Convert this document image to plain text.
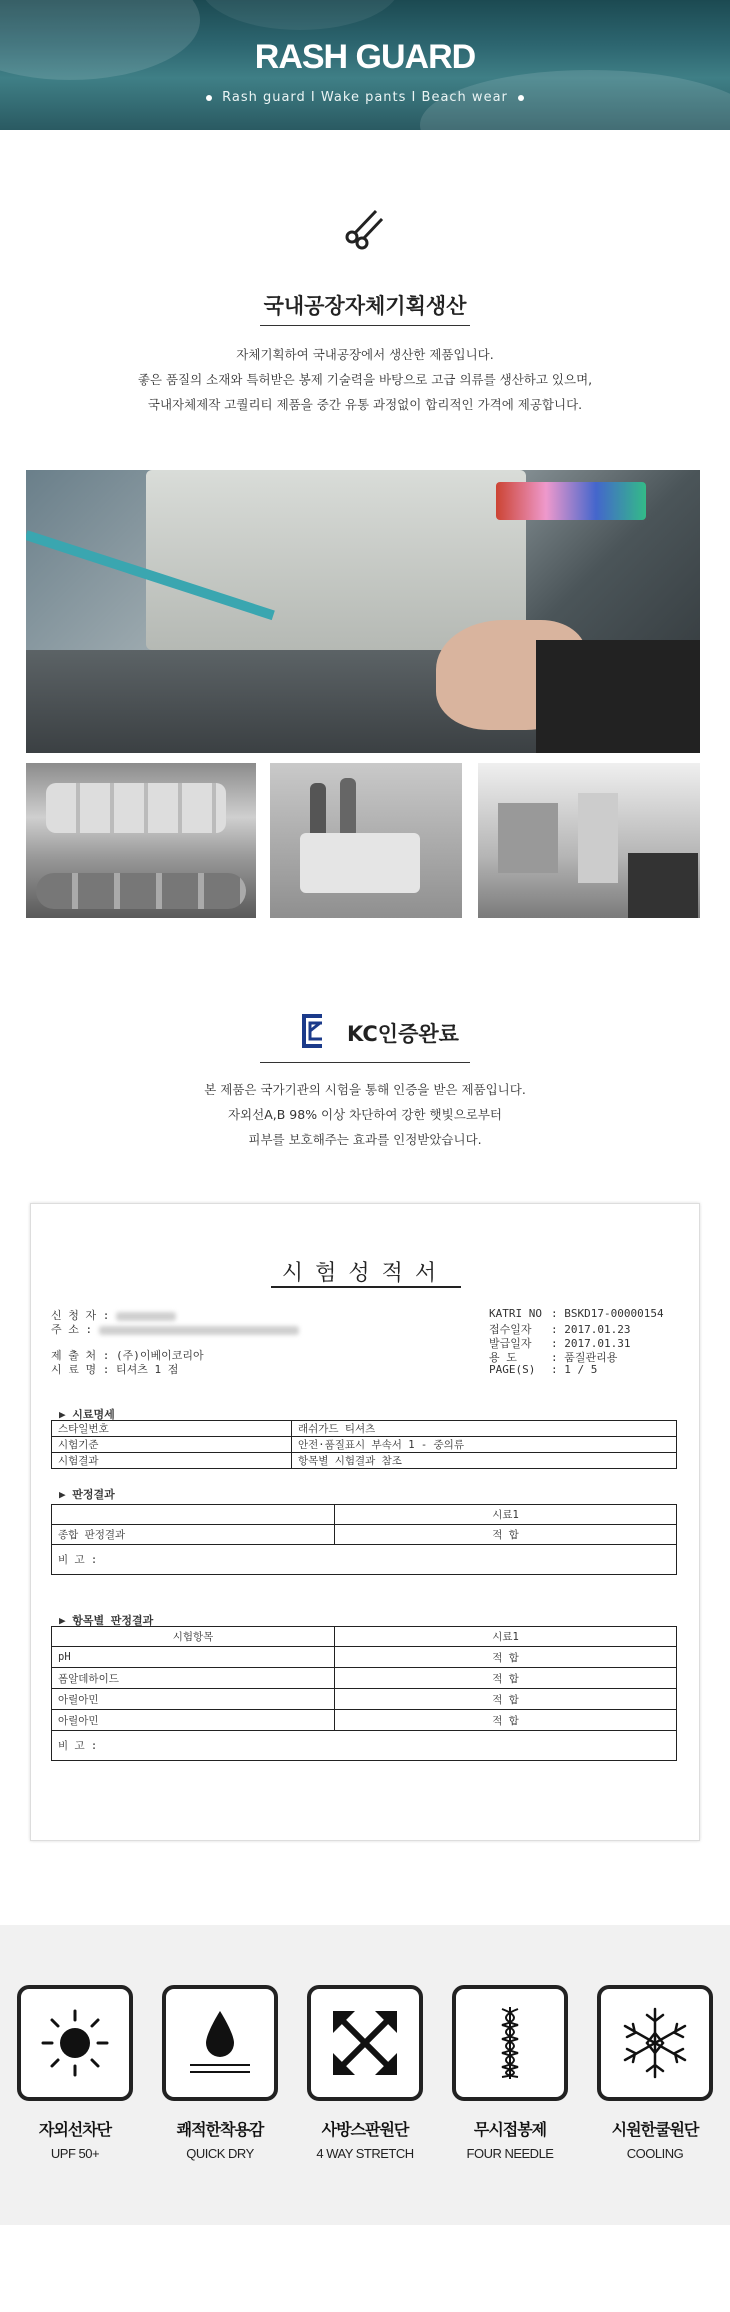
RASH GUARD
Rash guard I Wake pants I Beach wear
국내공장자체기획생산
자체기획하여 국내공장에서 생산한 제품입니다.
좋은 품질의 소재와 특허받은 봉제 기술력을 바탕으로 고급 의류를 생산하고 있으며,
국내자체제작 고퀄리티 제품을 중간 유통 과정없이 합리적인 가격에 제공합니다.
KC인증완료
본 제품은 국가기관의 시험을 통해 인증을 받은 제품입니다.
자외선A,B 98% 이상 차단하여 강한 햇빛으로부터
피부를 보호해주는 효과를 인정받았습니다.
시험성적서
신 청 자 :
주 소 :
제 출 처 : (주)이베이코리아
시 료 명 : 티셔츠 1 점
KATRI NO : BSKD17-00000154
접수일자 : 2017.01.23
발급일자 : 2017.01.31
용 도	: 품질관리용
PAGE(S) : 1 / 5
▶ 시료명세
스타일번호	래쉬가드 티셔츠
시험기준	안전·품질표시 부속서 1 - 중의류
시험결과	항목별 시험결과 참조
▶ 판정결과
	시료1
종합 판정결과	적 합
비 고 :	
▶ 항목별 판정결과
시험항목	시료1
pH	적 합
폼알데하이드	적 합
아릴아민	적 합
아릴아민	적 합
비 고 :	
자외선차단
UPF 50+
쾌적한착용감
QUICK DRY
사방스판원단
4 WAY STRETCH
무시접봉제
FOUR NEEDLE
시원한쿨원단
COOLING
